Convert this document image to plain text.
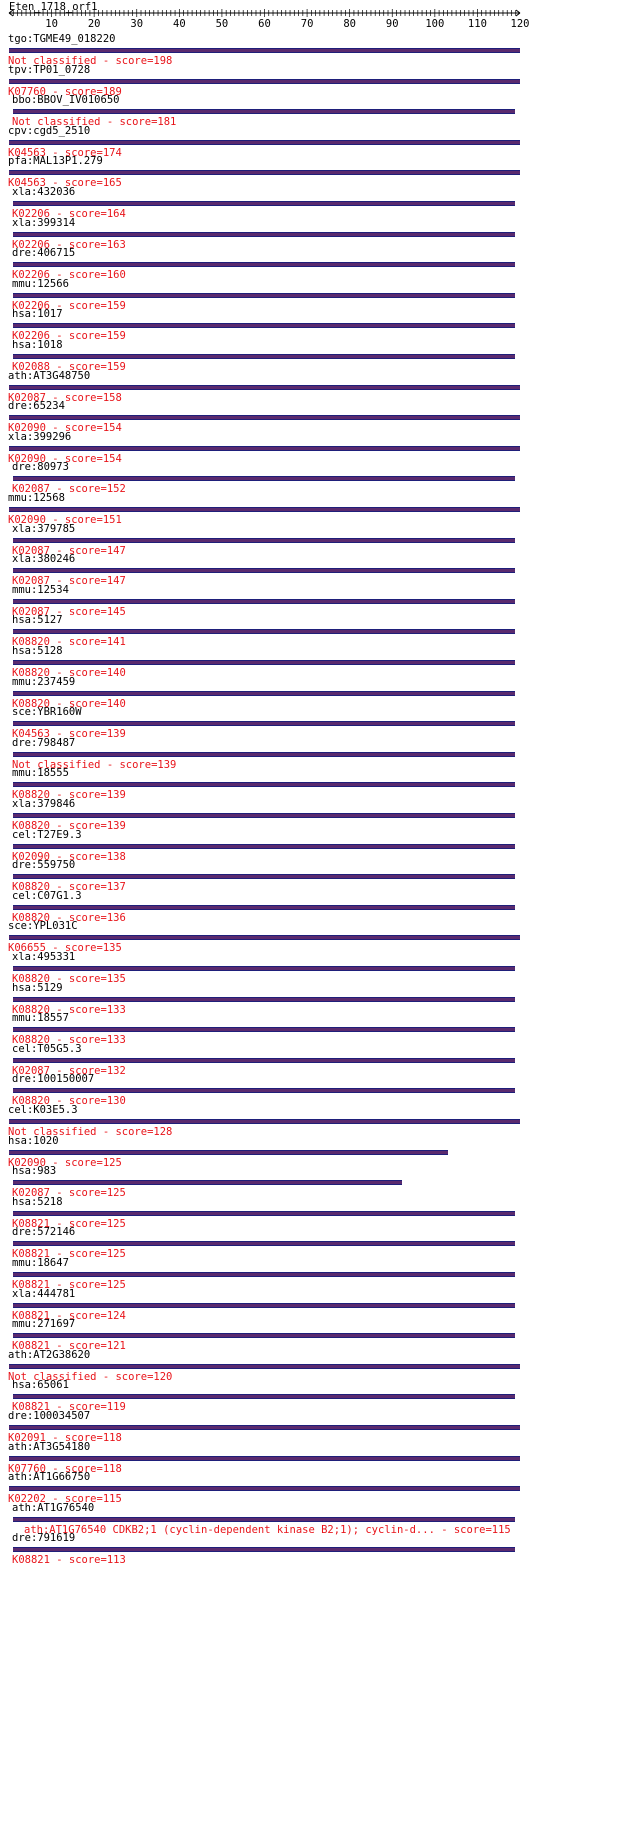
Eten_1718_orf1
10	20	30	40	50	60	70	80	90	100 110 120
tgo:TGME49_018220
Not classified - score=198
tpv:TP01_0728
K07760 - score=189
bbo:BBOV_IV010650
Not classified - score=181
cpv:cgd5_2510
K04563 - score=174
pfa:MAL13P1.279
K04563 - score=165
xla:432036
K02206 - score=164
xla:399314
K02206 - score=163
dre:406715
K02206 - score=160
mmu:12566
K02206 - score=159
hsa:1017
K02206 - score=159
hsa:1018
K02088 - score=159
ath:AT3G48750
K02087 - score=158
dre:65234
K02090 - score=154
xla:399296
K02090 - score=154
dre:80973
K02087 - score=152
mmu:12568
K02090 - score=151
xla:379785
K02087 - score=147
xla:380246
K02087 - score=147
mmu:12534
K02087 - score=145
hsa:5127
K08820 - score=141
hsa:5128
K08820 - score=140
mmu:237459
K08820 - score=140
sce:YBR160W
K04563 - score=139
dre:798487
Not classified - score=139
mmu:18555
K08820 - score=139
xla:379846
K08820 - score=139
cel:T27E9.3
K02090 - score=138
dre:559750
K08820 - score=137
cel:C07G1.3
K08820 - score=136
sce:YPL031C
K06655 - score=135
xla:495331
K08820 - score=135
hsa:5129
K08820 - score=133
mmu:18557
K08820 - score=133
cel:T05G5.3
K02087 - score=132
dre:100150007
K08820 - score=130
cel:K03E5.3
Not classified - score=128
hsa:1020
K02090 - score=125
hsa:983
K02087 - score=125
hsa:5218
K08821 - score=125
dre:572146
K08821 - score=125
mmu:18647
K08821 - score=125
xla:444781
K08821 - score=124
mmu:271697
K08821 - score=121
ath:AT2G38620
Not classified - score=120
hsa:65061
K08821 - score=119
dre:100034507
K02091 - score=118
ath:AT3G54180
K07760 - score=118
ath:AT1G66750
K02202 - score=115
ath:AT1G76540
ath:AT1G76540 CDKB2;1 (cyclin-dependent kinase B2;1); cyclin-d... - score=115
dre:791619
K08821 - score=113
